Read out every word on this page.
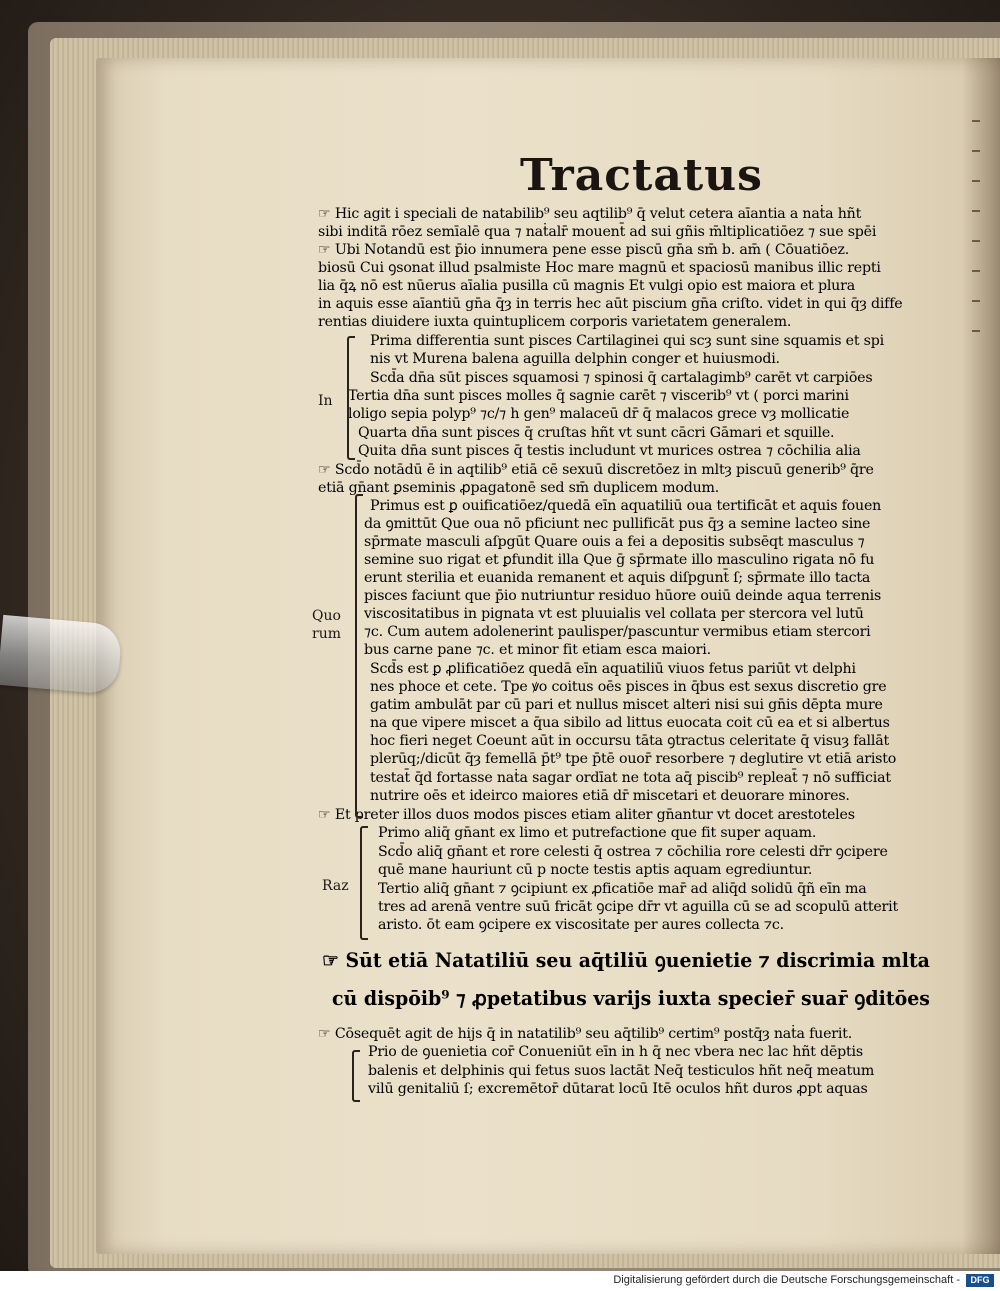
Tractatus
☞ Hic agit i speciali de natabilib⁹ seu aqtilib⁹ q̄ velut cetera aīantia a naṫa hñt
sibi inditā rōez semīalē qua ⁊ naṫalr̄ mouent̄ ad sui gñis m̄ltiplicatiōez ⁊ sue spēi
☞ Ubi Notandū est p̄io innumera pene esse piscū gn̄a sm̄ b. am̄ ( Cōuatiōez.
biosū Cui ꝯsonat illud psalmiste Hoc mare magnū et spaciosū manibus illic repti
lia q̄ꝝ nō est nūerus aīalia pusilla cū magnis Et vulgi opio est maiora et plura
in aquis esse aīantiū gn̄a q̄ȝ in terris hec aūt piscium gn̄a criſto. videt in qui q̄ȝ diffe
rentias diuidere iuxta quintuplicem corporis varietatem generalem.
Prima differentia sunt pisces Cartilaginei qui scȝ sunt sine squamis et spi
nis vt Murena balena aguilla delphin conger et huiusmodi.
Scd̄a dn̄a sūt pisces squamosi ⁊ spinosi q̄ cartalagimb⁹ carēt vt carpiōes
Tertia dn̄a sunt pisces molles q̄ sagnie carēt ⁊ viscerib⁹ vt ( porci marini
loligo sepia polyp⁹ ⁊c/⁊ h gen⁹ malaceū dr̄ q̄ malacos grece vȝ mollicatie
Quarta dn̄a sunt pisces q̄ cruſtas hñt vt sunt cācri Gāmari et squille.
Quita dn̄a sunt pisces q̄ testis includunt vt murices ostrea ⁊ cōchilia alia
☞ Scd̄o notādū ē in aqtilib⁹ etiā cē sexuū discretōez in mltȝ piscuū generib⁹ q̄re
etiā gn̄ant ꝑseminis ꝓpagatonē sed sm̄ duplicem modum.
Primus est ꝑ ouificatiōez/quedā eīn aquatiliū oua tertificāt et aquis fouen
da ꝯmittūt Que oua nō pficiunt nec pullificāt pus q̄ȝ a semine lacteo sine
sp̄rmate masculi aſpgūt Quare ouis a fei a depositis subsēqt masculus ⁊
semine suo rigat et ꝑfundit illa Que ḡ sp̄rmate illo masculino rigata nō fu
erunt sterilia et euanida remanent et aquis diſpgunt̄ ſ; sp̄rmate illo tacta
pisces faciunt que p̄io nutriuntur residuo hūore ouiū deinde aqua terrenis
viscositatibus in pignata vt est pluuialis vel collata per stercora vel lutū
⁊c. Cum autem adolenerint paulisper/pascuntur vermibus etiam stercori
bus carne pane ⁊c. et minor fit etiam esca maiori.
Scd̄s est ꝑ ꝓlificatiōez quedā eīn aquatiliū viuos fetus pariūt vt delphi
nes phoce et cete. Tpe ꝟo coitus oēs pisces in q̄bus est sexus discretio gre
gatim ambulāt par cū pari et nullus miscet alteri nisi sui gn̄is dēpta mure
na que vipere miscet a q̄ua sibilo ad littus euocata coit cū ea et si albertus
hoc fieri neget Coeunt aūt in occursu tāta ꝯtractus celeritate q̄ visuȝ fallāt
plerūq;/dicūt q̄ȝ femellā p̄t⁹ tpe p̄tē ouor̄ resorbere ⁊ deglutire vt etiā aristo
testat̄ q̄d fortasse naṫa sagar ordīat ne tota aq̄ piscib⁹ repleat̄ ⁊ nō sufficiat
nutrire oēs et ideirco maiores etiā dr̄ miscetari et deuorare minores.
☞ Et preter illos duos modos pisces etiam aliter gn̄antur vt docet arestoteles
Primo aliq̄ gn̄ant ex limo et putrefactione que fit super aquam.
Scd̄o aliq̄ gn̄ant et rore celesti q̄ ostrea ⁊ cōchilia rore celesti dr̄r ꝯcipere
quē mane hauriunt cū p nocte testis aptis aquam egrediuntur.
Tertio aliq̄ gn̄ant ⁊ ꝯcipiunt ex ꝓficatiōe mar̄ ad aliq̄d solidū q̄ñ eīn ma
tres ad arenā ventre suū fricāt ꝯcipe dr̄r vt aguilla cū se ad scopulū atterit
aristo. ōt eam ꝯcipere ex viscositate per aures collecta ⁊c.
☞ Sūt etiā Natatiliū seu aq̄tiliū ꝯuenietie ⁊ discrimia mlta
cū dispōib⁹ ⁊ ꝓpetatibus varijs iuxta specier̄ suar̄ ꝯditōes
☞ Cōsequēt agit de hijs q̄ in natatilib⁹ seu aq̄tilib⁹ certim⁹ postq̄ȝ naṫa fuerit.
Prio de ꝯuenietia cor̄ Conueniūt eīn in h q̄ nec vbera nec lac hñt dēptis
balenis et delphinis qui fetus suos lactāt Neq̄ testiculos hñt neq̄ meatum
vilū genitaliū ſ; excremētor̄ dūtarat locū Itē oculos hñt duros ꝓpt aquas
In
Quo
rum
Raz
Digitalisierung gefördert durch die Deutsche Forschungsgemeinschaft -	DFG
